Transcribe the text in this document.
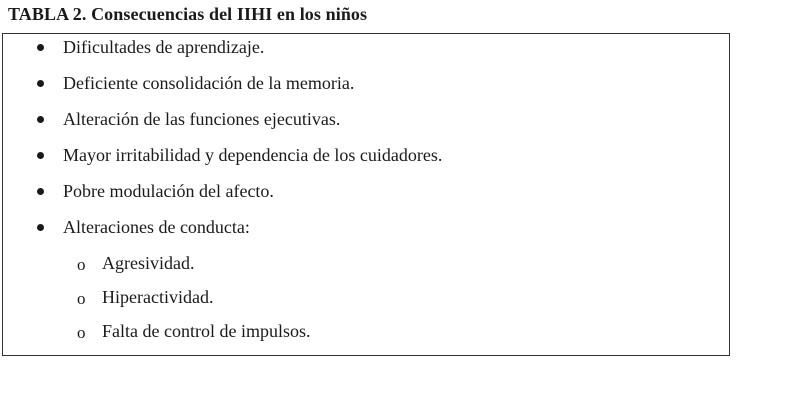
TABLA 2. Consecuencias del IIHI en los niños
Dificultades de aprendizaje.
Deficiente consolidación de la memoria.
Alteración de las funciones ejecutivas.
Mayor irritabilidad y dependencia de los cuidadores.
Pobre modulación del afecto.
Alteraciones de conducta:
o Agresividad.
o Hiperactividad.
o Falta de control de impulsos.
